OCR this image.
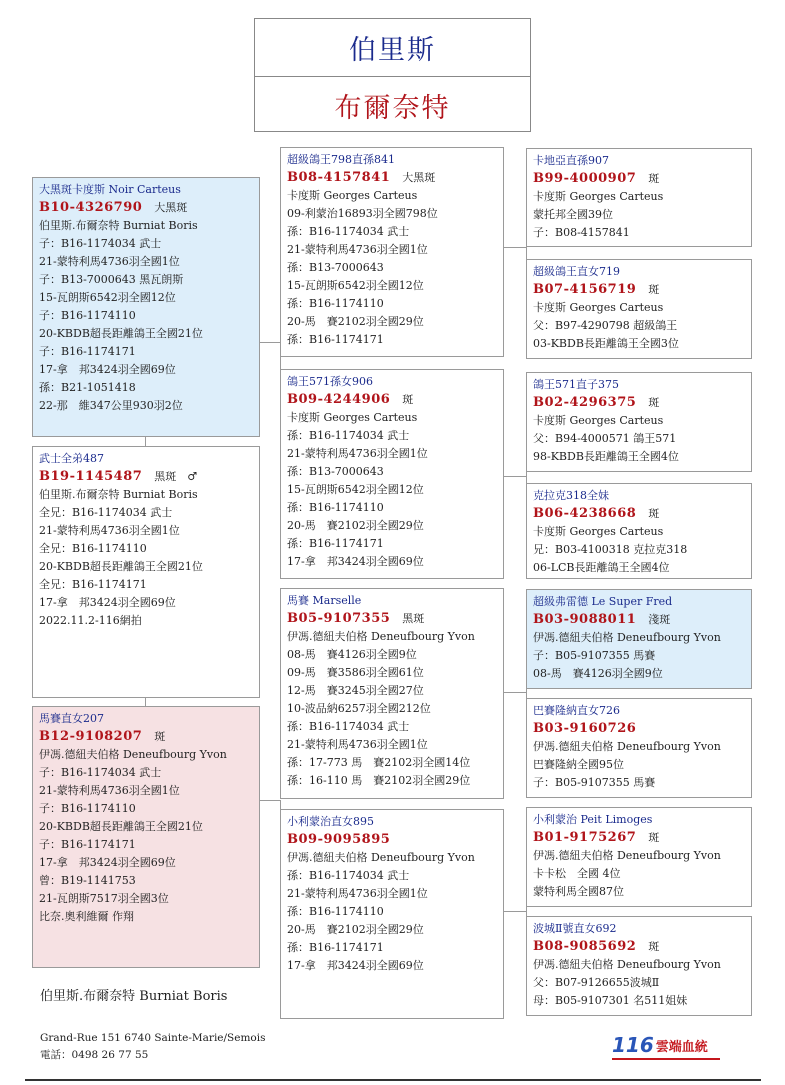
伯里斯
布爾奈特
大黑斑卡度斯 Noir Carteus
B10-4326790 大黑斑
伯里斯.布爾奈特 Burniat Boris
子：B16-1174034 武士
21-蒙特利馬4736羽全國1位
子：B13-7000643 黑瓦朗斯
15-瓦朗斯6542羽全國12位
子：B16-1174110
20-KBDB超長距離鴿王全國21位
子：B16-1174171
17-拿　邦3424羽全國69位
孫：B21-1051418
22-那　維347公里930羽2位
武士全弟487
B19-1145487 黑斑　♂
伯里斯.布爾奈特 Burniat Boris
全兄：B16-1174034 武士
21-蒙特利馬4736羽全國1位
全兄：B16-1174110
20-KBDB超長距離鴿王全國21位
全兄：B16-1174171
17-拿　邦3424羽全國69位
2022.11.2-116網拍
馬賽直女207
B12-9108207 斑
伊馮.德紐夫伯格 Deneufbourg Yvon
子：B16-1174034 武士
21-蒙特利馬4736羽全國1位
子：B16-1174110
20-KBDB超長距離鴿王全國21位
子：B16-1174171
17-拿　邦3424羽全國69位
曾：B19-1141753
21-瓦朗斯7517羽全國3位
比奈.奧利維爾 作翔
超級鴿王798直孫841
B08-4157841 大黑斑
卡度斯 Georges Carteus
09-利蒙治16893羽全國798位
孫：B16-1174034 武士
21-蒙特利馬4736羽全國1位
孫：B13-7000643
15-瓦朗斯6542羽全國12位
孫：B16-1174110
20-馬　賽2102羽全國29位
孫：B16-1174171
鴿王571孫女906
B09-4244906 斑
卡度斯 Georges Carteus
孫：B16-1174034 武士
21-蒙特利馬4736羽全國1位
孫：B13-7000643
15-瓦朗斯6542羽全國12位
孫：B16-1174110
20-馬　賽2102羽全國29位
孫：B16-1174171
17-拿　邦3424羽全國69位
馬賽 Marselle
B05-9107355 黑斑
伊馮.德紐夫伯格 Deneufbourg Yvon
08-馬　賽4126羽全國9位
09-馬　賽3586羽全國61位
12-馬　賽3245羽全國27位
10-波品納6257羽全國212位
孫：B16-1174034 武士
21-蒙特利馬4736羽全國1位
孫：17-773 馬　賽2102羽全國14位
孫：16-110 馬　賽2102羽全國29位
小利蒙治直女895
B09-9095895
伊馮.德紐夫伯格 Deneufbourg Yvon
孫：B16-1174034 武士
21-蒙特利馬4736羽全國1位
孫：B16-1174110
20-馬　賽2102羽全國29位
孫：B16-1174171
17-拿　邦3424羽全國69位
卡地亞直孫907
B99-4000907 斑
卡度斯 Georges Carteus
蒙托邦全國39位
子：B08-4157841
超級鴿王直女719
B07-4156719 斑
卡度斯 Georges Carteus
父：B97-4290798 超級鴿王
03-KBDB長距離鴿王全國3位
鴿王571直子375
B02-4296375 斑
卡度斯 Georges Carteus
父：B94-4000571 鴿王571
98-KBDB長距離鴿王全國4位
克拉克318全妹
B06-4238668 斑
卡度斯 Georges Carteus
兄：B03-4100318 克拉克318
06-LCB長距離鴿王全國4位
超級弗雷德 Le Super Fred
B03-9088011 淺斑
伊馮.德紐夫伯格 Deneufbourg Yvon
子：B05-9107355 馬賽
08-馬　賽4126羽全國9位
巴賽隆納直女726
B03-9160726
伊馮.德紐夫伯格 Deneufbourg Yvon
巴賽隆納全國95位
子：B05-9107355 馬賽
小利蒙治 Peit Limoges
B01-9175267 斑
伊馮.德紐夫伯格 Deneufbourg Yvon
卡卡松　全國 4位
蒙特利馬全國87位
波城Ⅱ號直女692
B08-9085692 斑
伊馮.德紐夫伯格 Deneufbourg Yvon
父：B07-9126655波城Ⅱ
母：B05-9107301 名511姐妹
伯里斯.布爾奈特 Burniat Boris
Grand-Rue 151 6740 Sainte-Marie/Semois
電話：0498 26 77 55	116 雲端血統
